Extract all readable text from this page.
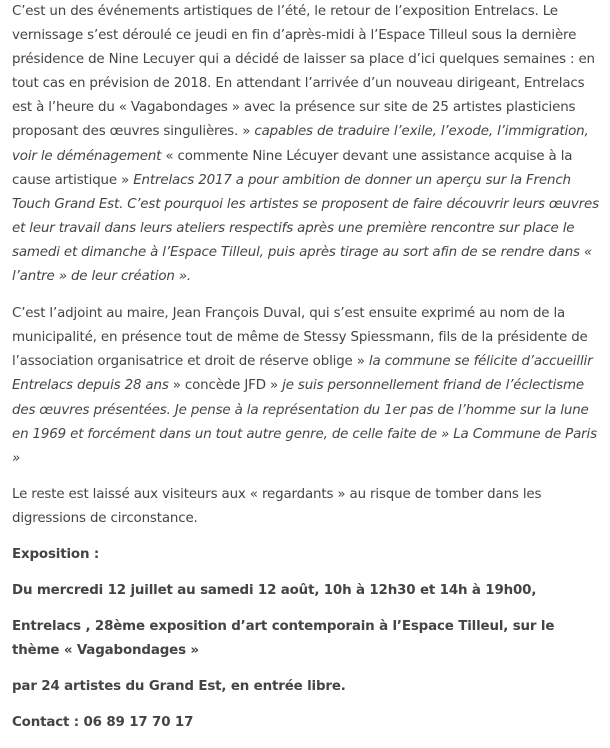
C’est un des événements artistiques de l’été, le retour de l’exposition Entrelacs. Le vernissage s’est déroulé ce jeudi en fin d’après-midi à l’Espace Tilleul sous la dernière présidence de Nine Lecuyer qui a décidé de laisser sa place d’ici quelques semaines : en tout cas en prévision de 2018. En attendant l’arrivée d’un nouveau dirigeant, Entrelacs est à l’heure du « Vagabondages » avec la présence sur site de 25 artistes plasticiens proposant des œuvres singulières. » capables de traduire l’exile, l’exode, l’immigration, voir le déménagement « commente Nine Lécuyer devant une assistance acquise à la cause artistique » Entrelacs 2017 a pour ambition de donner un aperçu sur la French Touch Grand Est. C’est pourquoi les artistes se proposent de faire découvrir leurs œuvres et leur travail dans leurs ateliers respectifs après une première rencontre sur place le samedi et dimanche à l’Espace Tilleul, puis après tirage au sort afin de se rendre dans « l’antre » de leur création ».

C’est l’adjoint au maire, Jean François Duval, qui s’est ensuite exprimé au nom de la municipalité, en présence tout de même de Stessy Spiessmann, fils de la présidente de l’association organisatrice et droit de réserve oblige » la commune se félicite d’accueillir Entrelacs depuis 28 ans » concède JFD » je suis personnellement friand de l’éclectisme des œuvres présentées. Je pense à la représentation du 1er pas de l’homme sur la lune en 1969 et forcément dans un tout autre genre, de celle faite de » La Commune de Paris »

Le reste est laissé aux visiteurs aux « regardants » au risque de tomber dans les digressions de circonstance.

Exposition :

Du mercredi 12 juillet au samedi 12 août, 10h à 12h30 et 14h à 19h00,

Entrelacs , 28ème exposition d’art contemporain à l’Espace Tilleul, sur le thème « Vagabondages »

par 24 artistes du Grand Est, en entrée libre.

Contact : 06 89 17 70 17
